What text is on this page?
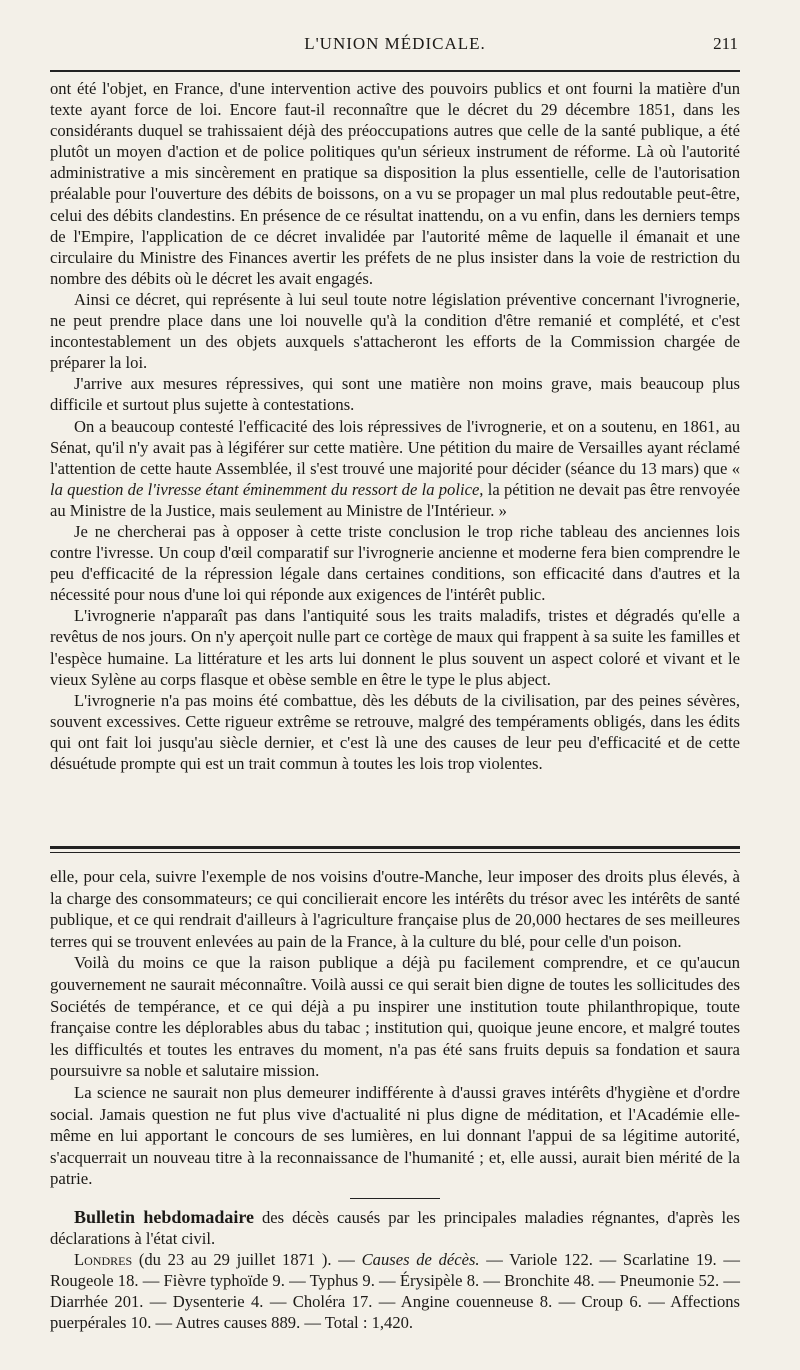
L'UNION MÉDICALE.	211

ont été l'objet, en France, d'une intervention active des pouvoirs publics et ont fourni la matière d'un texte ayant force de loi. Encore faut-il reconnaître que le décret du 29 décembre 1851, dans les considérants duquel se trahissaient déjà des préoccupations autres que celle de la santé publique, a été plutôt un moyen d'action et de police politiques qu'un sérieux instrument de réforme. Là où l'autorité administrative a mis sincèrement en pratique sa disposition la plus essentielle, celle de l'autorisation préalable pour l'ouverture des débits de boissons, on a vu se propager un mal plus redoutable peut-être, celui des débits clandestins. En présence de ce résultat inattendu, on a vu enfin, dans les derniers temps de l'Empire, l'application de ce décret invalidée par l'autorité même de laquelle il émanait et une circulaire du Ministre des Finances avertir les préfets de ne plus insister dans la voie de restriction du nombre des débits où le décret les avait engagés.

Ainsi ce décret, qui représente à lui seul toute notre législation préventive concernant l'ivrognerie, ne peut prendre place dans une loi nouvelle qu'à la condition d'être remanié et complété, et c'est incontestablement un des objets auxquels s'attacheront les efforts de la Commission chargée de préparer la loi.

J'arrive aux mesures répressives, qui sont une matière non moins grave, mais beaucoup plus difficile et surtout plus sujette à contestations.

On a beaucoup contesté l'efficacité des lois répressives de l'ivrognerie, et on a soutenu, en 1861, au Sénat, qu'il n'y avait pas à légiférer sur cette matière. Une pétition du maire de Versailles ayant réclamé l'attention de cette haute Assemblée, il s'est trouvé une majorité pour décider (séance du 13 mars) que « la question de l'ivresse étant éminemment du ressort de la police, la pétition ne devait pas être renvoyée au Ministre de la Justice, mais seulement au Ministre de l'Intérieur. »

Je ne chercherai pas à opposer à cette triste conclusion le trop riche tableau des anciennes lois contre l'ivresse. Un coup d'œil comparatif sur l'ivrognerie ancienne et moderne fera bien comprendre le peu d'efficacité de la répression légale dans certaines conditions, son efficacité dans d'autres et la nécessité pour nous d'une loi qui réponde aux exigences de l'intérêt public.

L'ivrognerie n'apparaît pas dans l'antiquité sous les traits maladifs, tristes et dégradés qu'elle a revêtus de nos jours. On n'y aperçoit nulle part ce cortège de maux qui frappent à sa suite les familles et l'espèce humaine. La littérature et les arts lui donnent le plus souvent un aspect coloré et vivant et le vieux Sylène au corps flasque et obèse semble en être le type le plus abject.

L'ivrognerie n'a pas moins été combattue, dès les débuts de la civilisation, par des peines sévères, souvent excessives. Cette rigueur extrême se retrouve, malgré des tempéraments obligés, dans les édits qui ont fait loi jusqu'au siècle dernier, et c'est là une des causes de leur peu d'efficacité et de cette désuétude prompte qui est un trait commun à toutes les lois trop violentes.

elle, pour cela, suivre l'exemple de nos voisins d'outre-Manche, leur imposer des droits plus élevés, à la charge des consommateurs; ce qui concilierait encore les intérêts du trésor avec les intérêts de santé publique, et ce qui rendrait d'ailleurs à l'agriculture française plus de 20,000 hectares de ses meilleures terres qui se trouvent enlevées au pain de la France, à la culture du blé, pour celle d'un poison.

Voilà du moins ce que la raison publique a déjà pu facilement comprendre, et ce qu'aucun gouvernement ne saurait méconnaître. Voilà aussi ce qui serait bien digne de toutes les sollicitudes des Sociétés de tempérance, et ce qui déjà a pu inspirer une institution toute philanthropique, toute française contre les déplorables abus du tabac ; institution qui, quoique jeune encore, et malgré toutes les difficultés et toutes les entraves du moment, n'a pas été sans fruits depuis sa fondation et saura poursuivre sa noble et salutaire mission.

La science ne saurait non plus demeurer indifférente à d'aussi graves intérêts d'hygiène et d'ordre social. Jamais question ne fut plus vive d'actualité ni plus digne de méditation, et l'Académie elle-même en lui apportant le concours de ses lumières, en lui donnant l'appui de sa légitime autorité, s'acquerrait un nouveau titre à la reconnaissance de l'humanité ; et, elle aussi, aurait bien mérité de la patrie.

Bulletin hebdomadaire des décès causés par les principales maladies régnantes, d'après les déclarations à l'état civil.

Londres (du 23 au 29 juillet 1871 ). — Causes de décès. — Variole 122. — Scarlatine 19. — Rougeole 18. — Fièvre typhoïde 9. — Typhus 9. — Érysipèle 8. — Bronchite 48. — Pneumonie 52. — Diarrhée 201. — Dysenterie 4. — Choléra 17. — Angine couenneuse 8. — Croup 6. — Affections puerpérales 10. — Autres causes 889. — Total : 1,420.
